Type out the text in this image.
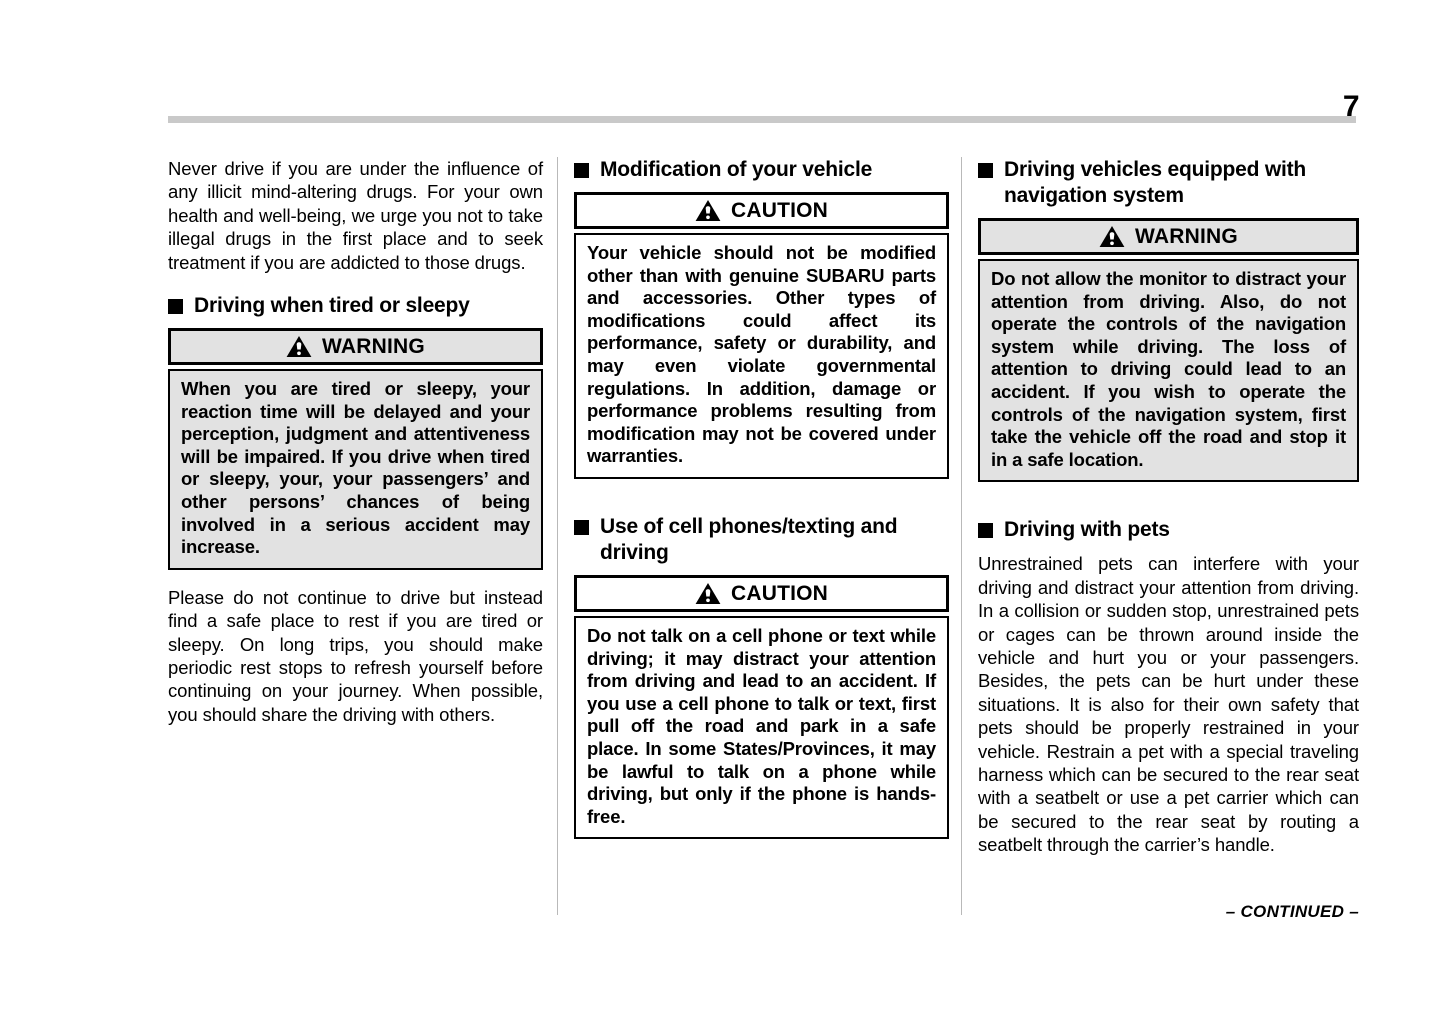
7

Never drive if you are under the influence of any illicit mind-altering drugs. For your own health and well-being, we urge you not to take illegal drugs in the first place and to seek treatment if you are addicted to those drugs.

Driving when tired or sleepy
WARNING
When you are tired or sleepy, your reaction time will be delayed and your perception, judgment and attentiveness will be impaired. If you drive when tired or sleepy, your, your passengers’ and other persons’ chances of being involved in a serious accident may increase.

Please do not continue to drive but instead find a safe place to rest if you are tired or sleepy. On long trips, you should make periodic rest stops to refresh yourself before continuing on your journey. When possible, you should share the driving with others.

Modification of your vehicle
CAUTION
Your vehicle should not be modified other than with genuine SUBARU parts and accessories. Other types of modifications could affect its performance, safety or durability, and may even violate governmental regulations. In addition, damage or performance problems resulting from modification may not be covered under warranties.
Use of cell phones/texting and driving
CAUTION
Do not talk on a cell phone or text while driving; it may distract your attention from driving and lead to an accident. If you use a cell phone to talk or text, first pull off the road and park in a safe place. In some States/Provinces, it may be lawful to talk on a phone while driving, but only if the phone is hands-free.
Driving vehicles equipped with navigation system
WARNING
Do not allow the monitor to distract your attention from driving. Also, do not operate the controls of the navigation system while driving. The loss of attention to driving could lead to an accident. If you wish to operate the controls of the navigation system, first take the vehicle off the road and stop it in a safe location.
Driving with pets

Unrestrained pets can interfere with your driving and distract your attention from driving. In a collision or sudden stop, unrestrained pets or cages can be thrown around inside the vehicle and hurt you or your passengers. Besides, the pets can be hurt under these situations. It is also for their own safety that pets should be properly restrained in your vehicle. Restrain a pet with a special traveling harness which can be secured to the rear seat with a seatbelt or use a pet carrier which can be secured to the rear seat by routing a seatbelt through the carrier’s handle.

– CONTINUED –
